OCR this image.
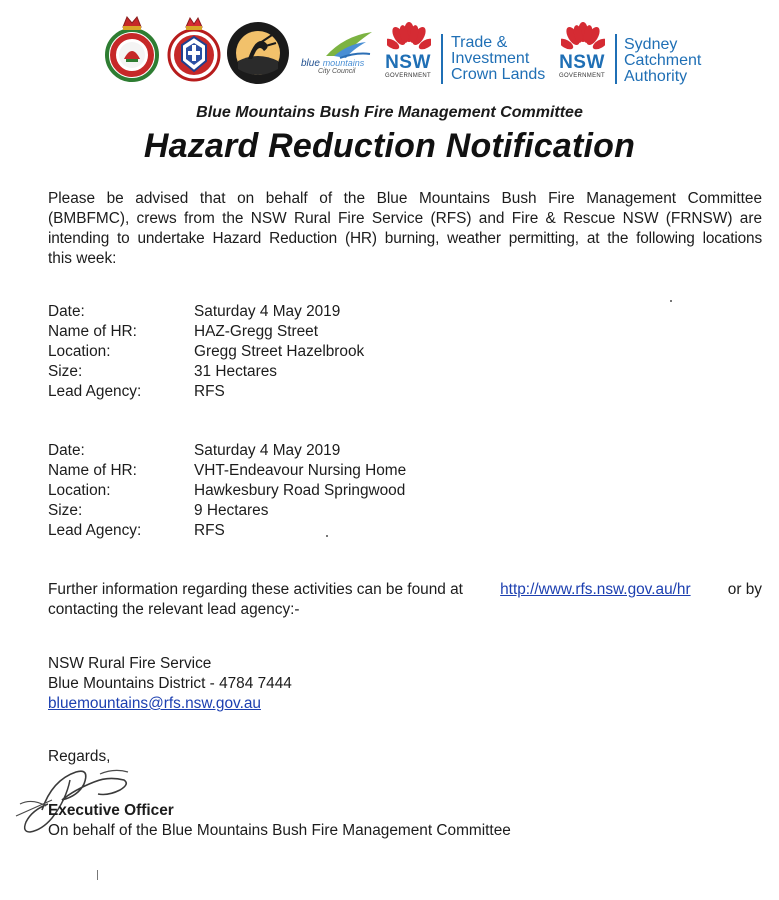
blue mountains
City Council NSW
GOVERNMENT
Trade &
Investment
Crown Lands
NSW
GOVERNMENT
Sydney
Catchment
Authority
Blue Mountains Bush Fire Management Committee
Hazard Reduction Notification
Please be advised that on behalf of the Blue Mountains Bush Fire Management Committee
(BMBFMC), crews from the NSW Rural Fire Service (RFS) and Fire & Rescue NSW (FRNSW) are
intending to undertake Hazard Reduction (HR) burning, weather permitting, at the following locations
this week:
Date:	Saturday 4 May 2019
Name of HR:	HAZ-Gregg Street
Location:	Gregg Street Hazelbrook
Size:	31 Hectares
Lead Agency:	RFS
Date:	Saturday 4 May 2019
Name of HR:	VHT-Endeavour Nursing Home
Location:	Hawkesbury Road Springwood
Size:	9 Hectares
Lead Agency:	RFS
Further information regarding these activities can be found at http://www.rfs.nsw.gov.au/hr or by
contacting the relevant lead agency:-
NSW Rural Fire Service
Blue Mountains District - 4784 7444
bluemountains@rfs.nsw.gov.au
Regards,
Executive Officer
On behalf of the Blue Mountains Bush Fire Management Committee
